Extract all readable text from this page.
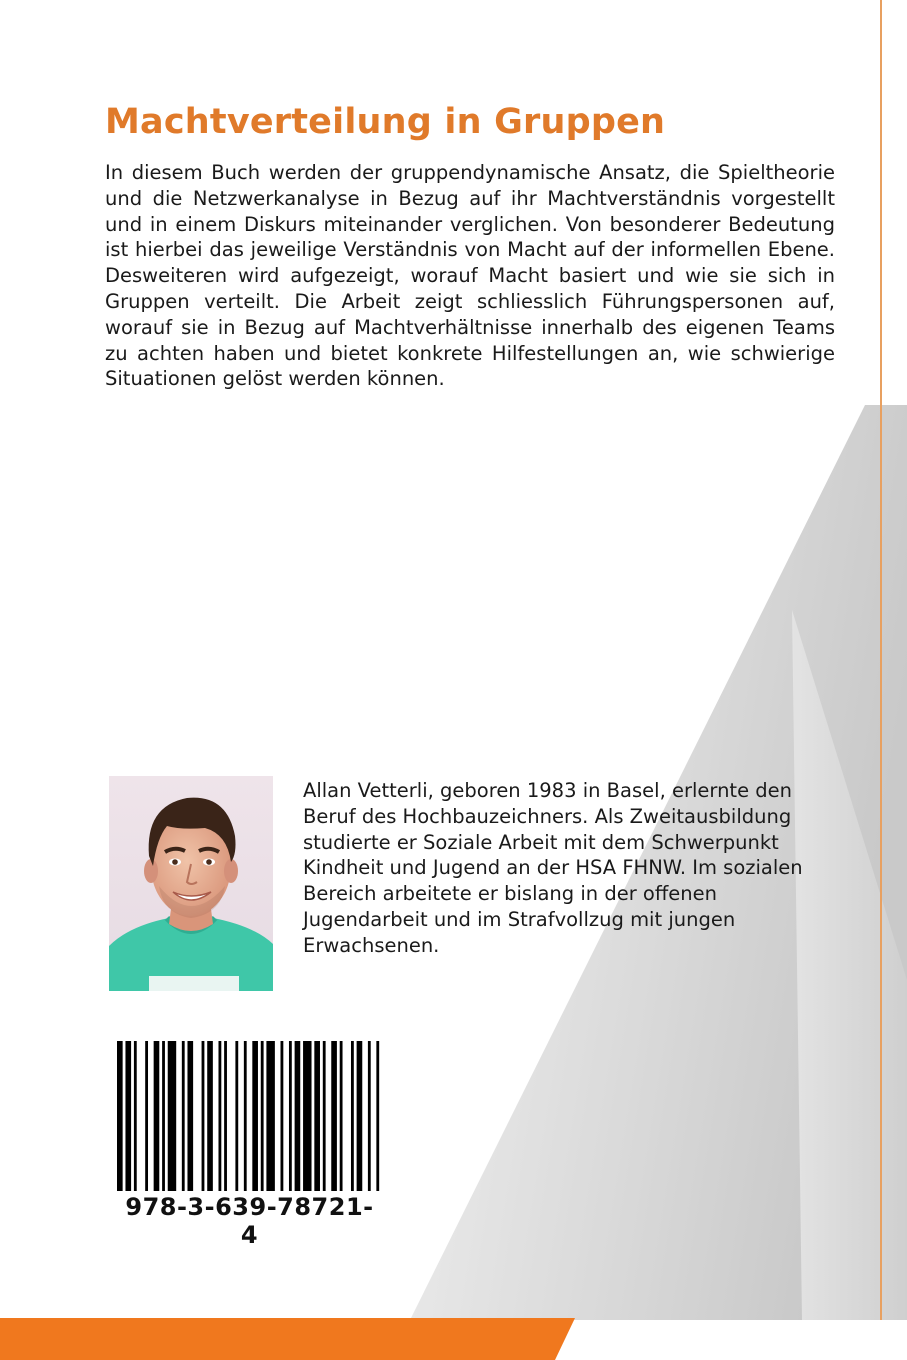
Machtverteilung in Gruppen

In diesem Buch werden der gruppendynamische Ansatz, die Spieltheorie und die Netzwerkanalyse in Bezug auf ihr Machtverständnis vorgestellt und in einem Diskurs miteinander verglichen. Von besonderer Bedeutung ist hierbei das jeweilige Verständnis von Macht auf der informellen Ebene. Desweiteren wird aufgezeigt, worauf Macht basiert und wie sie sich in Gruppen verteilt. Die Arbeit zeigt schliesslich Führungspersonen auf, worauf sie in Bezug auf Machtverhältnisse innerhalb des eigenen Teams zu achten haben und bietet konkrete Hilfestellungen an, wie schwierige Situationen gelöst werden können.

Allan Vetterli, geboren 1983 in Basel, erlernte den Beruf des Hochbauzeichners. Als Zweitausbildung studierte er Soziale Arbeit mit dem Schwerpunkt Kindheit und Jugend an der HSA FHNW. Im sozialen Bereich arbeitete er bislang in der offenen Jugendarbeit und im Strafvollzug mit jungen Erwachsenen.

978-3-639-78721-4
